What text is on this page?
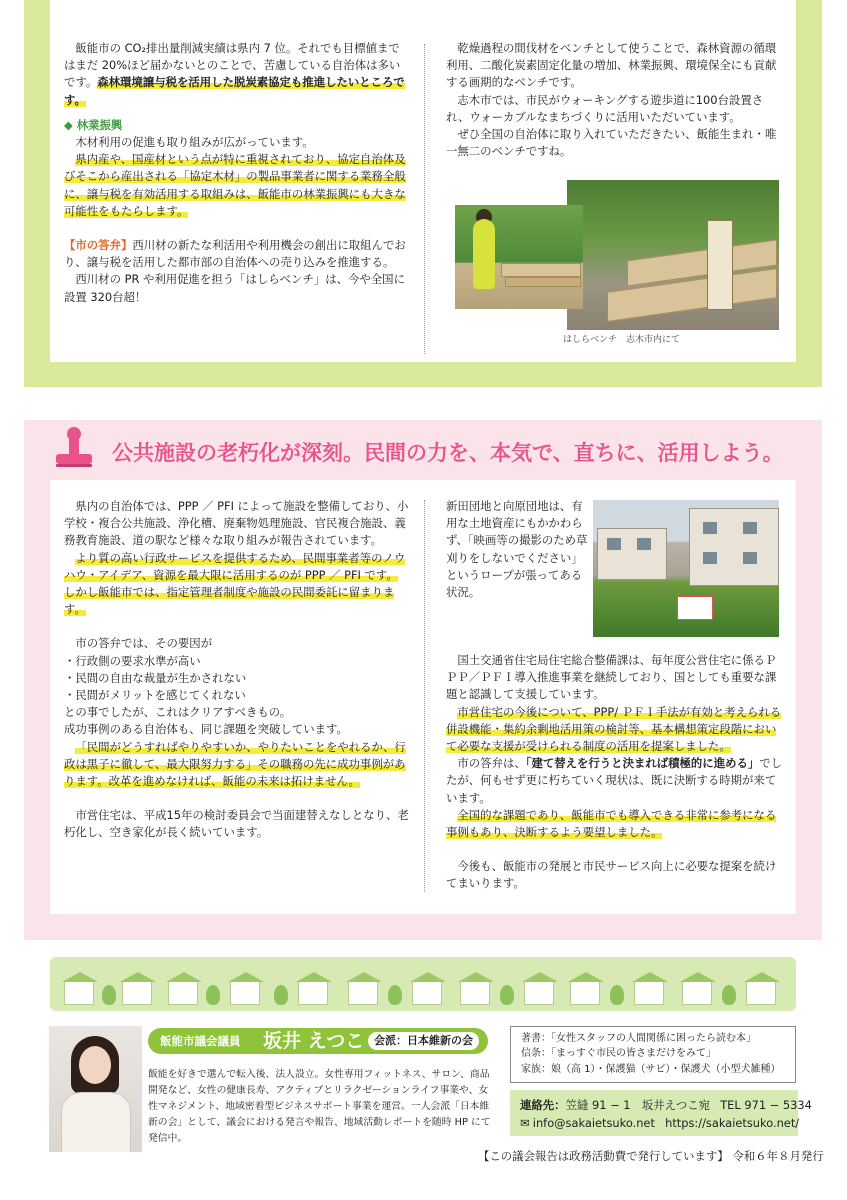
飯能市の CO₂排出量削減実績は県内 7 位。それでも目標値まではまだ 20%ほど届かないとのことで、苦慮している自治体は多いです。森林環境譲与税を活用した脱炭素協定も推進したいところです。

◆ 林業振興

木材利用の促進も取り組みが広がっています。

県内産や、国産材という点が特に重視されており、協定自治体及びそこから産出される「協定木材」の製品事業者に関する業務全般に、譲与税を有効活用する取組みは、飯能市の林業振興にも大きな可能性をもたらします。

【市の答弁】西川材の新たな利活用や利用機会の創出に取組んでおり、譲与税を活用した都市部の自治体への売り込みを推進する。

西川材の PR や利用促進を担う「はしらベンチ」は、今や全国に設置 320台超！

乾燥過程の間伐材をベンチとして使うことで、森林資源の循環利用、二酸化炭素固定化量の増加、林業振興、環境保全にも貢献する画期的なベンチです。

志木市では、市民がウォーキングする遊歩道に100台設置され、ウォーカブルなまちづくりに活用いただいています。

ぜひ全国の自治体に取り入れていただきたい、飯能生まれ・唯一無二のベンチですね。

はしらベンチ　志木市内にて
公共施設の老朽化が深刻。民間の力を、本気で、直ちに、活用しよう。

県内の自治体では、PPP ／ PFI によって施設を整備しており、小学校・複合公共施設、浄化槽、廃棄物処理施設、官民複合施設、義務教育施設、道の駅など様々な取り組みが報告されています。

より質の高い行政サービスを提供するため、民間事業者等のノウハウ・アイデア、資源を最大限に活用するのが PPP ／ PFI です。しかし飯能市では、指定管理者制度や施設の民間委託に留まります。

市の答弁では、その要因が

・行政側の要求水準が高い

・民間の自由な裁量が生かされない

・民間がメリットを感じてくれない

との事でしたが、これはクリアすべきもの。

成功事例のある自治体も、同じ課題を突破しています。

「民間がどうすればやりやすいか、やりたいことをやれるか、行政は黒子に徹して、最大限努力する」その職務の先に成功事例があります。改革を進めなければ、飯能の未来は拓けません。

市営住宅は、平成15年の検討委員会で当面建替えなしとなり、老朽化し、空き家化が長く続いています。

新田団地と向原団地は、有用な土地資産にもかかわらず、「映画等の撮影のため草刈りをしないでください」というロープが張ってある状況。

国土交通省住宅局住宅総合整備課は、毎年度公営住宅に係るＰＰＰ／ＰＦＩ導入推進事業を継続しており、国としても重要な課題と認識して支援しています。

市営住宅の今後について、PPP/ ＰＦＩ手法が有効と考えられる併設機能・集約余剰地活用策の検討等、基本構想策定段階において必要な支援が受けられる制度の活用を提案しました。

市の答弁は、「建て替えを行うと決まれば積極的に進める」でしたが、何もせず更に朽ちていく現状は、既に決断する時期が来ています。

全国的な課題であり、飯能市でも導入できる非常に参考になる事例もあり、決断するよう要望しました。

今後も、飯能市の発展と市民サービス向上に必要な提案を続けてまいります。

飯能市議会議員 坂井 えつこ 会派：日本維新の会
飯能を好きで選んで転入後、法人設立。女性専用フィットネス、サロン、商品開発など、女性の健康長寿、アクティブとリラクゼーションライフ事業や、女性マネジメント、地域密着型ビジネスサポート事業を運営。一人会派「日本維新の会」として、議会における発言や報告、地域活動レポートを随時 HP にて発信中。
著書：「女性スタッフの人間関係に困ったら読む本」
信条：「まっすぐ市民の皆さまだけをみて」
家族：娘（高 1）・保護猫（サビ）・保護犬（小型犬雑種）
連絡先：笠縫 91 − 1　坂井えつこ宛　 TEL 971 − 5334
✉ info@sakaietsuko.net　 https://sakaietsuko.net/
【この議会報告は政務活動費で発行しています】　 令和６年８月発行
